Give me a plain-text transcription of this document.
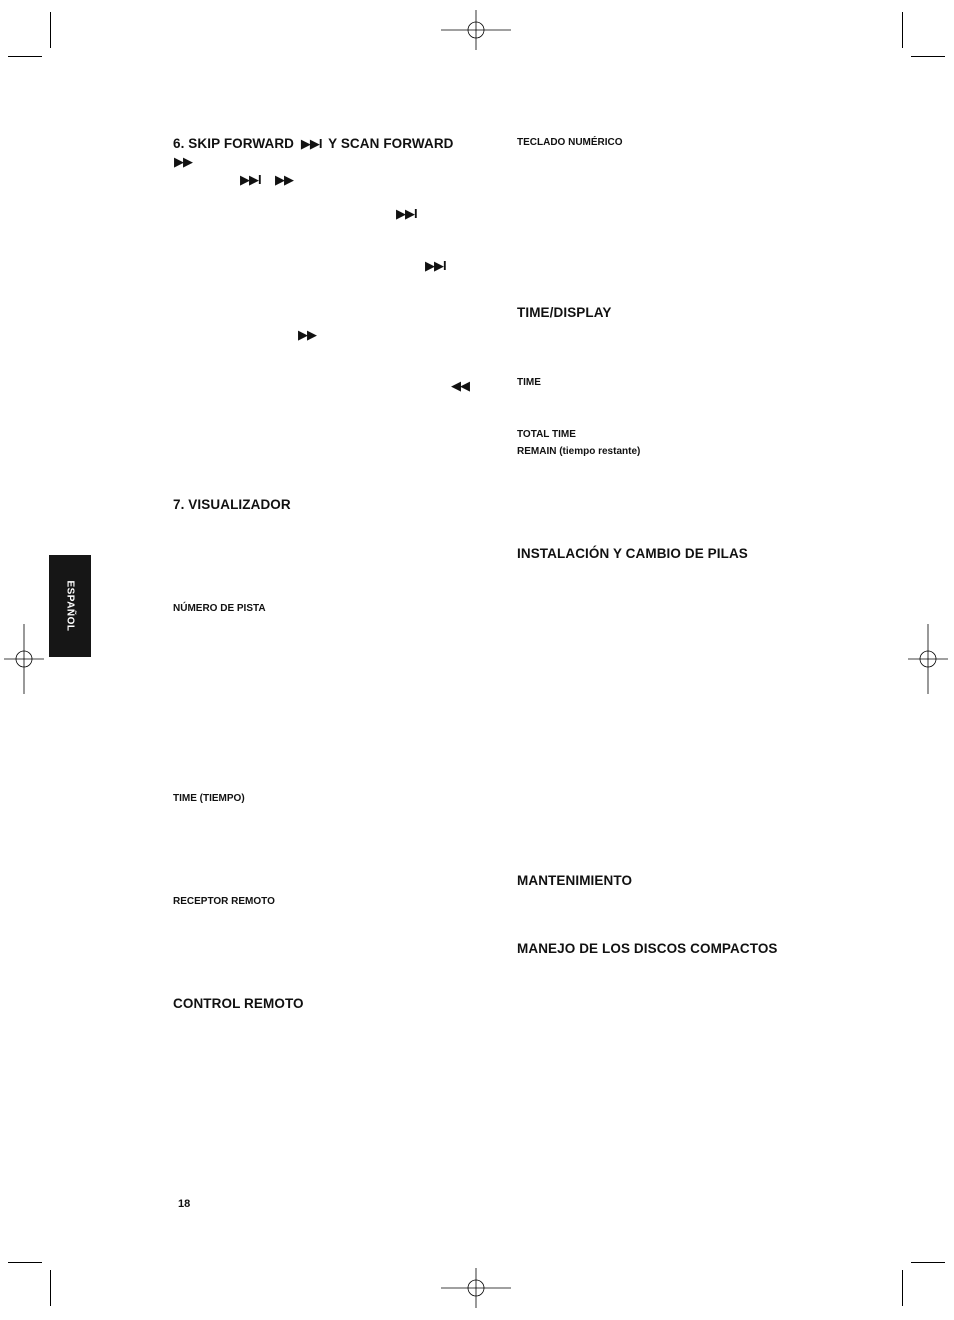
ESPAÑOL
6. SKIP FORWARD ▶▶I Y SCAN FORWARD
▶▶
▶▶I ▶▶
▶▶I
▶▶I
▶▶
◀◀
7. VISUALIZADOR
NÚMERO DE PISTA
TIME (TIEMPO)
RECEPTOR REMOTO
CONTROL REMOTO
TECLADO NUMÉRICO
TIME/DISPLAY
TIME
TOTAL TIME
REMAIN (tiempo restante)
INSTALACIÓN Y CAMBIO DE PILAS
MANTENIMIENTO
MANEJO DE LOS DISCOS COMPACTOS
18
